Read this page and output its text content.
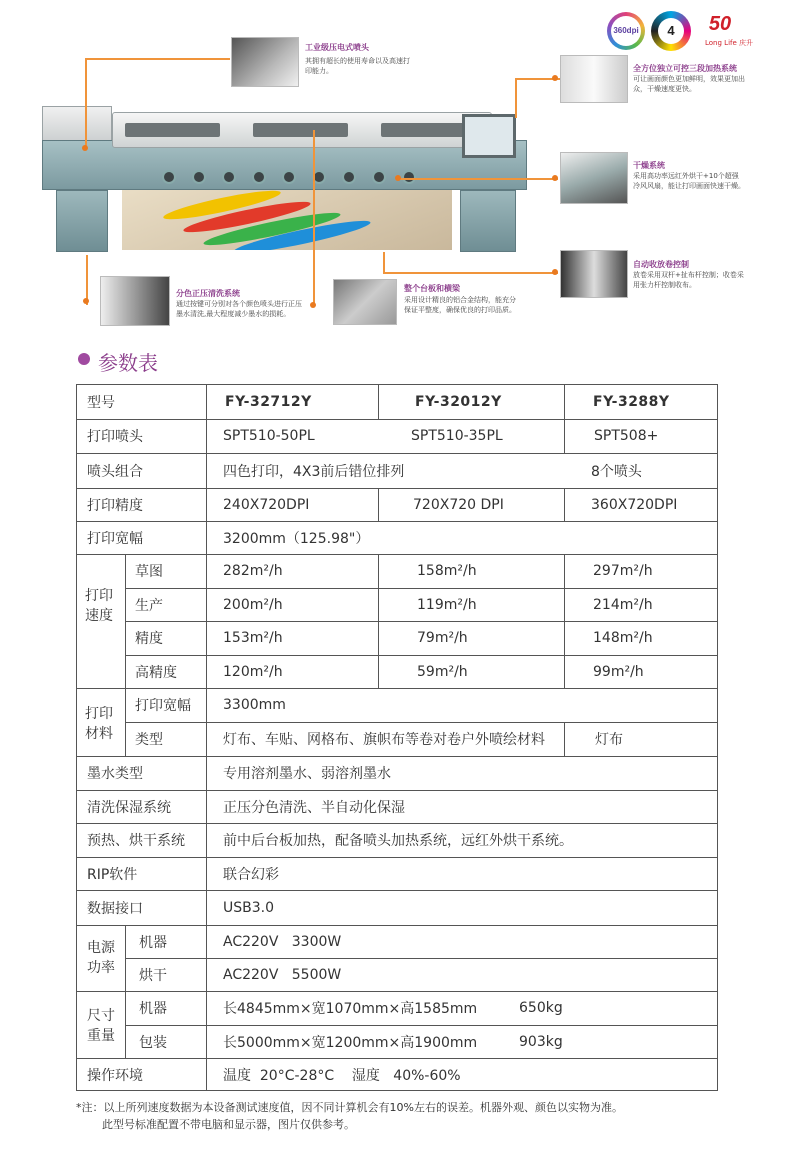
360dpi	4	50
Long Life 庆升
工业级压电式喷头
其拥有超长的使用寿命以及高速打印能力。	全方位独立可控三段加热系统
可让画面颜色更加鲜明，效果更加出众，干燥速度更快。
干燥系统
采用高功率远红外烘干+10个超强冷风风扇，能让打印画面快速干燥。
自动收放卷控制
放卷采用双杆+扯布杆控制；收卷采用张力杆控制收布。
整个台板和横梁
采用设计精良的铝合金结构，能充分保证平整度，确保优良的打印品质。
分色正压清洗系统
通过按键可分别对各个颜色喷头进行正压墨水清洗,最大程度减少墨水的损耗。
参数表
型号	FY-32712Y	FY-32012Y	FY-3288Y
打印喷头	SPT510-50PL	SPT510-35PL	SPT508+
喷头组合	四色打印，4X3前后错位排列	8个喷头
打印精度	240X720DPI	720X720 DPI	360X720DPI
打印宽幅	3200mm（125.98"）
打印
速度
草图	282m²/h	158m²/h	297m²/h
生产	200m²/h	119m²/h	214m²/h
精度	153m²/h	79m²/h	148m²/h
高精度	120m²/h	59m²/h	99m²/h
打印
材料
打印宽幅 3300mm
类型	灯布、车贴、网格布、旗帜布等卷对卷户外喷绘材料	灯布
墨水类型	专用溶剂墨水、弱溶剂墨水
清洗保湿系统	正压分色清洗、半自动化保湿
预热、烘干系统	前中后台板加热，配备喷头加热系统，远红外烘干系统。
RIP软件	联合幻彩
数据接口	USB3.0
电源
功率
机器	AC220V   3300W
烘干	AC220V   5500W
尺寸
重量
机器	长4845mm×宽1070mm×高1585mm	650kg
包装	长5000mm×宽1200mm×高1900mm	903kg
操作环境	温度  20°C-28°C    湿度   40%-60%
*注：以上所列速度数据为本设备测试速度值，因不同计算机会有10%左右的误差。机器外观、颜色以实物为准。
此型号标准配置不带电脑和显示器，图片仅供参考。
